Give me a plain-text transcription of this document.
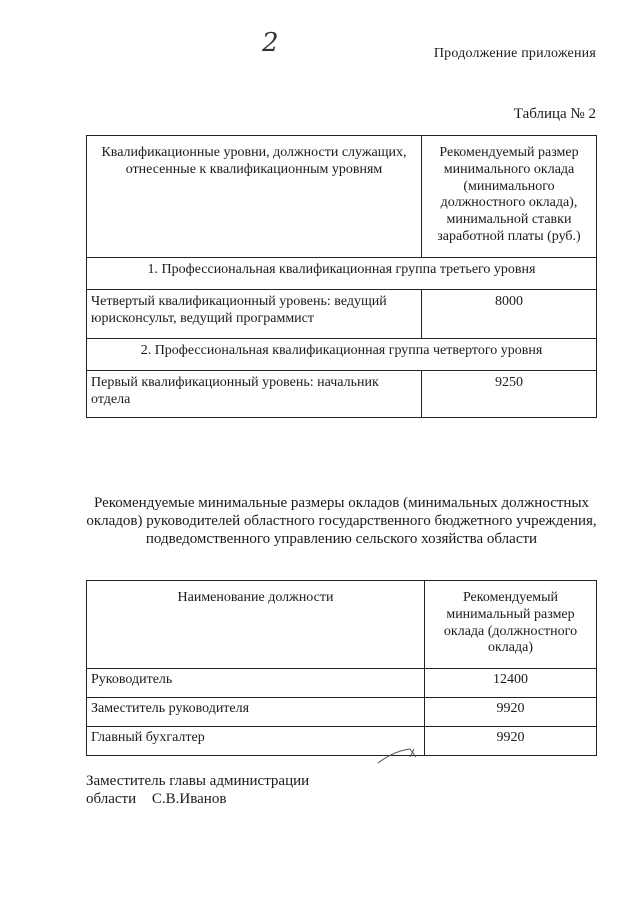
2	Продолжение приложения
Таблица № 2
Квалификационные уровни, должности служащих, отнесенные к квалификационным уровням	Рекомендуемый размер минимального оклада (минимального должностного оклада), минимальной ставки заработной платы (руб.)
1. Профессиональная квалификационная группа третьего уровня	
Четвертый квалификационный уровень: ведущий юрисконсульт, ведущий программист	8000
2. Профессиональная квалификационная группа четвертого уровня	
Первый квалификационный уровень: начальник отдела	9250
Рекомендуемые минимальные размеры окладов (минимальных должностных окладов) руководителей областного государственного бюджетного учреждения, подведомственного управлению сельского хозяйства области
Наименование должности	Рекомендуемый минимальный размер оклада (должностного оклада)
Руководитель	12400
Заместитель руководителя	9920
Главный бухгалтер	9920
Заместитель главы администрации
области С.В.Иванов
